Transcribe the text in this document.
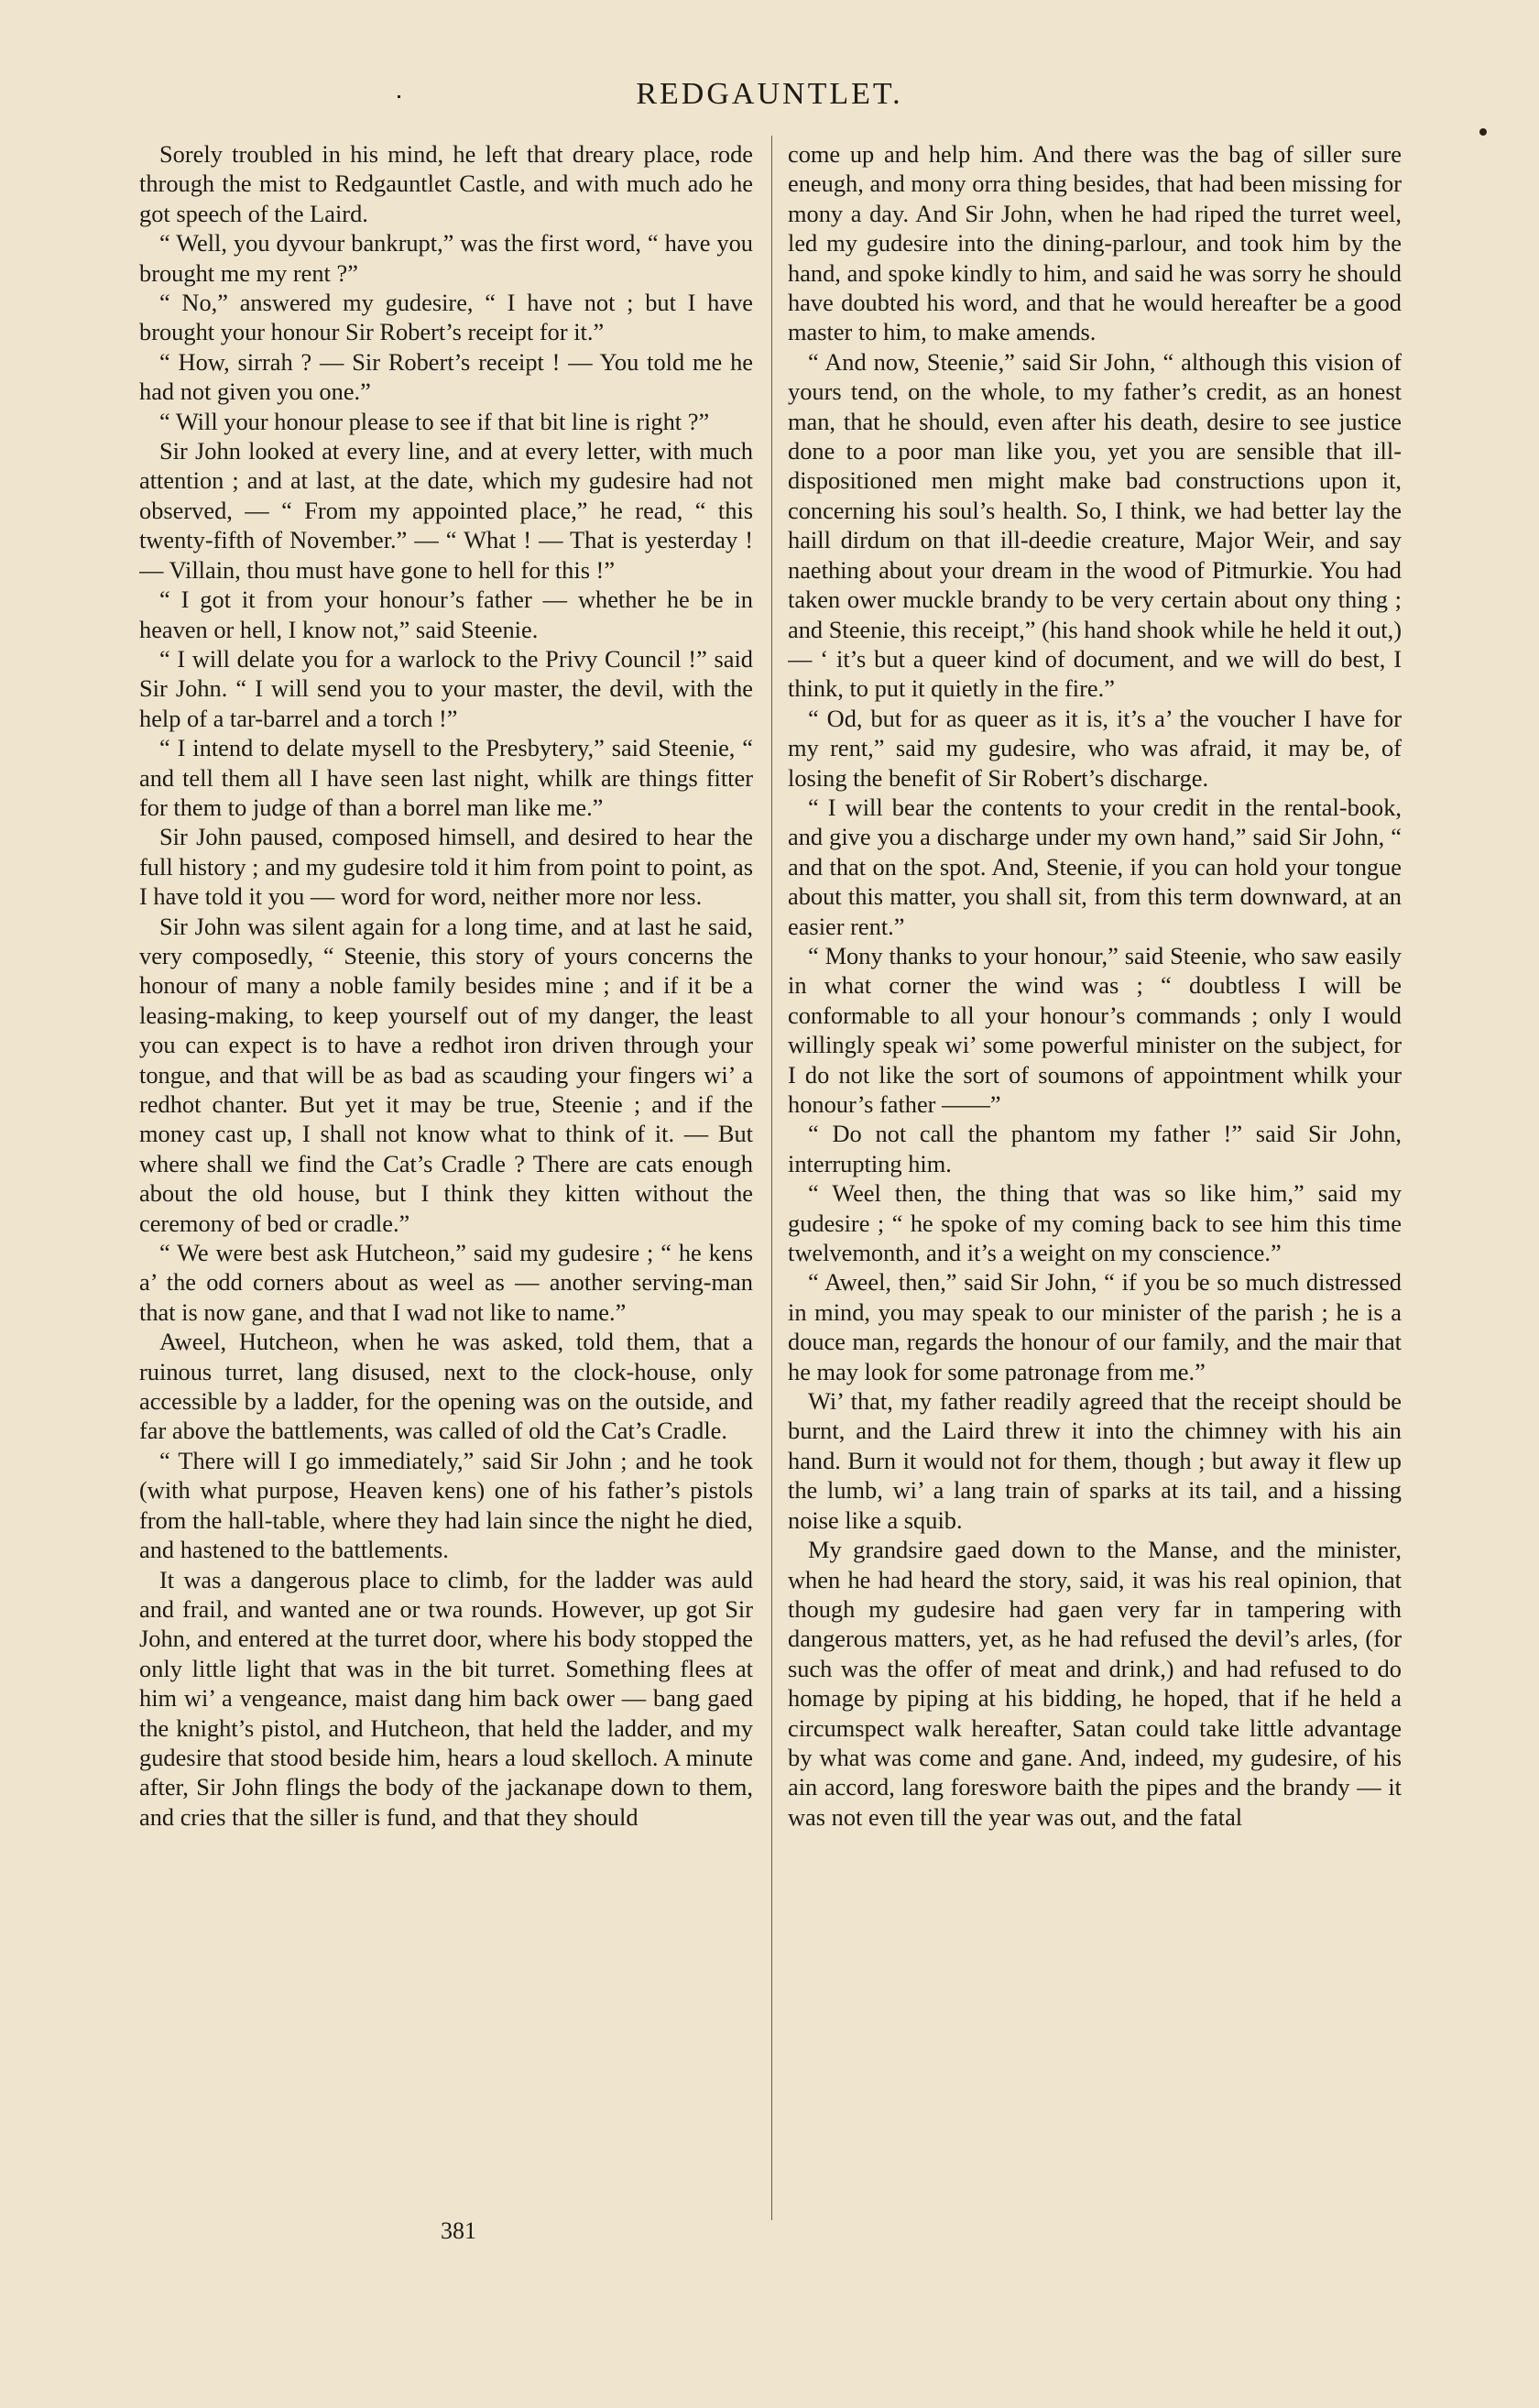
REDGAUNTLET.

Sorely troubled in his mind, he left that dreary place, rode through the mist to Redgauntlet Castle, and with much ado he got speech of the Laird.

“ Well, you dyvour bankrupt,” was the first word, “ have you brought me my rent ?”

“ No,” answered my gudesire, “ I have not ; but I have brought your honour Sir Robert’s receipt for it.”

“ How, sirrah ? — Sir Robert’s receipt ! — You told me he had not given you one.”

“ Will your honour please to see if that bit line is right ?”

Sir John looked at every line, and at every letter, with much attention ; and at last, at the date, which my gudesire had not observed, — “ From my appointed place,” he read, “ this twenty-fifth of November.” — “ What ! — That is yesterday ! — Villain, thou must have gone to hell for this !”

“ I got it from your honour’s father — whether he be in heaven or hell, I know not,” said Steenie.

“ I will delate you for a warlock to the Privy Council !” said Sir John. “ I will send you to your master, the devil, with the help of a tar-barrel and a torch !”

“ I intend to delate mysell to the Presbytery,” said Steenie, “ and tell them all I have seen last night, whilk are things fitter for them to judge of than a borrel man like me.”

Sir John paused, composed himsell, and desired to hear the full history ; and my gudesire told it him from point to point, as I have told it you — word for word, neither more nor less.

Sir John was silent again for a long time, and at last he said, very composedly, “ Steenie, this story of yours concerns the honour of many a noble family besides mine ; and if it be a leasing-making, to keep yourself out of my danger, the least you can expect is to have a redhot iron driven through your tongue, and that will be as bad as scauding your fingers wi’ a redhot chanter. But yet it may be true, Steenie ; and if the money cast up, I shall not know what to think of it. — But where shall we find the Cat’s Cradle ? There are cats enough about the old house, but I think they kitten without the ceremony of bed or cradle.”

“ We were best ask Hutcheon,” said my gudesire ; “ he kens a’ the odd corners about as weel as — another serving-man that is now gane, and that I wad not like to name.”

Aweel, Hutcheon, when he was asked, told them, that a ruinous turret, lang disused, next to the clock-house, only accessible by a ladder, for the opening was on the outside, and far above the battlements, was called of old the Cat’s Cradle.

“ There will I go immediately,” said Sir John ; and he took (with what purpose, Heaven kens) one of his father’s pistols from the hall-table, where they had lain since the night he died, and hastened to the battlements.

It was a dangerous place to climb, for the ladder was auld and frail, and wanted ane or twa rounds. However, up got Sir John, and entered at the turret door, where his body stopped the only little light that was in the bit turret. Something flees at him wi’ a vengeance, maist dang him back ower — bang gaed the knight’s pistol, and Hutcheon, that held the ladder, and my gudesire that stood beside him, hears a loud skelloch. A minute after, Sir John flings the body of the jackanape down to them, and cries that the siller is fund, and that they should

come up and help him. And there was the bag of siller sure eneugh, and mony orra thing besides, that had been missing for mony a day. And Sir John, when he had riped the turret weel, led my gudesire into the dining-parlour, and took him by the hand, and spoke kindly to him, and said he was sorry he should have doubted his word, and that he would hereafter be a good master to him, to make amends.

“ And now, Steenie,” said Sir John, “ although this vision of yours tend, on the whole, to my father’s credit, as an honest man, that he should, even after his death, desire to see justice done to a poor man like you, yet you are sensible that ill-dispositioned men might make bad constructions upon it, concerning his soul’s health. So, I think, we had better lay the haill dirdum on that ill-deedie creature, Major Weir, and say naething about your dream in the wood of Pitmurkie. You had taken ower muckle brandy to be very certain about ony thing ; and Steenie, this receipt,” (his hand shook while he held it out,) — ‘ it’s but a queer kind of document, and we will do best, I think, to put it quietly in the fire.”

“ Od, but for as queer as it is, it’s a’ the voucher I have for my rent,” said my gudesire, who was afraid, it may be, of losing the benefit of Sir Robert’s discharge.

“ I will bear the contents to your credit in the rental-book, and give you a discharge under my own hand,” said Sir John, “ and that on the spot. And, Steenie, if you can hold your tongue about this matter, you shall sit, from this term downward, at an easier rent.”

“ Mony thanks to your honour,” said Steenie, who saw easily in what corner the wind was ; “ doubtless I will be conformable to all your honour’s commands ; only I would willingly speak wi’ some powerful minister on the subject, for I do not like the sort of soumons of appointment whilk your honour’s father ——”

“ Do not call the phantom my father !” said Sir John, interrupting him.

“ Weel then, the thing that was so like him,” said my gudesire ; “ he spoke of my coming back to see him this time twelvemonth, and it’s a weight on my conscience.”

“ Aweel, then,” said Sir John, “ if you be so much distressed in mind, you may speak to our minister of the parish ; he is a douce man, regards the honour of our family, and the mair that he may look for some patronage from me.”

Wi’ that, my father readily agreed that the receipt should be burnt, and the Laird threw it into the chimney with his ain hand. Burn it would not for them, though ; but away it flew up the lumb, wi’ a lang train of sparks at its tail, and a hissing noise like a squib.

My grandsire gaed down to the Manse, and the minister, when he had heard the story, said, it was his real opinion, that though my gudesire had gaen very far in tampering with dangerous matters, yet, as he had refused the devil’s arles, (for such was the offer of meat and drink,) and had refused to do homage by piping at his bidding, he hoped, that if he held a circumspect walk hereafter, Satan could take little advantage by what was come and gane. And, indeed, my gudesire, of his ain accord, lang foreswore baith the pipes and the brandy — it was not even till the year was out, and the fatal

381
